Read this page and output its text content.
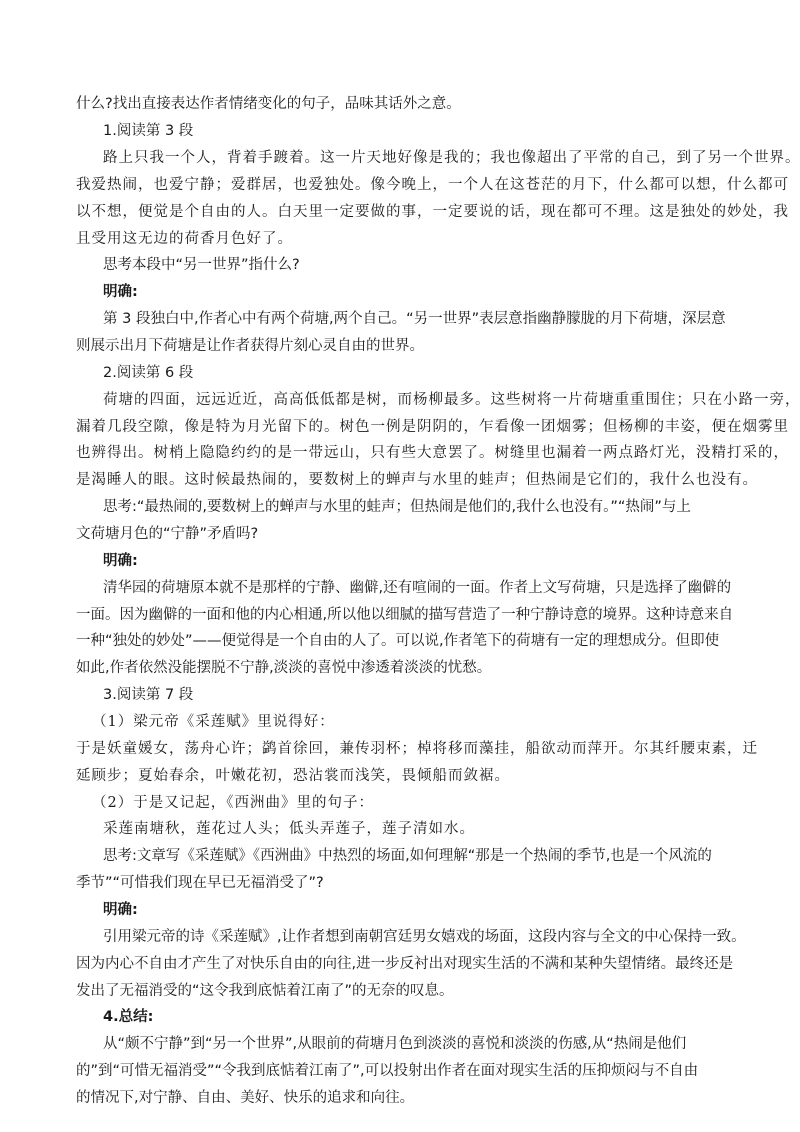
什么?找出直接表达作者情绪变化的句子，品味其话外之意。
1.阅读第 3 段
路上只我一个人，背着手踱着。这一片天地好像是我的；我也像超出了平常的自己，到了另一个世界。
我爱热闹，也爱宁静；爱群居，也爱独处。像今晚上，一个人在这苍茫的月下，什么都可以想，什么都可
以不想，便觉是个自由的人。白天里一定要做的事，一定要说的话，现在都可不理。这是独处的妙处，我
且受用这无边的荷香月色好了。
思考本段中“另一世界”指什么?
明确:
第 3 段独白中,作者心中有两个荷塘,两个自己。“另一世界”表层意指幽静朦胧的月下荷塘，深层意
则展示出月下荷塘是让作者获得片刻心灵自由的世界。
2.阅读第 6 段
荷塘的四面，远远近近，高高低低都是树，而杨柳最多。这些树将一片荷塘重重围住；只在小路一旁，
漏着几段空隙，像是特为月光留下的。树色一例是阴阴的，乍看像一团烟雾；但杨柳的丰姿，便在烟雾里
也辨得出。树梢上隐隐约约的是一带远山，只有些大意罢了。树缝里也漏着一两点路灯光，没精打采的，
是渴睡人的眼。这时候最热闹的，要数树上的蝉声与水里的蛙声；但热闹是它们的，我什么也没有。
思考:“最热闹的,要数树上的蝉声与水里的蛙声；但热闹是他们的,我什么也没有。”“热闹”与上
文荷塘月色的“宁静”矛盾吗?
明确:
清华园的荷塘原本就不是那样的宁静、幽僻,还有喧闹的一面。作者上文写荷塘，只是选择了幽僻的
一面。因为幽僻的一面和他的内心相通,所以他以细腻的描写营造了一种宁静诗意的境界。这种诗意来自
一种“独处的妙处”——便觉得是一个自由的人了。可以说,作者笔下的荷塘有一定的理想成分。但即使
如此,作者依然没能摆脱不宁静,淡淡的喜悦中渗透着淡淡的忧愁。
3.阅读第 7 段
（1）梁元帝《采莲赋》里说得好：
于是妖童媛女，荡舟心许；鹢首徐回，兼传羽杯；棹将移而藻挂，船欲动而萍开。尔其纤腰束素，迁
延顾步；夏始春余，叶嫩花初，恐沾裳而浅笑，畏倾船而敛裾。
（2）于是又记起，《西洲曲》里的句子：
采莲南塘秋，莲花过人头；低头弄莲子，莲子清如水。
思考:文章写《采莲赋》《西洲曲》中热烈的场面,如何理解“那是一个热闹的季节,也是一个风流的
季节”“可惜我们现在早已无福消受了”?
明确:
引用梁元帝的诗《采莲赋》,让作者想到南朝宫廷男女嬉戏的场面，这段内容与全文的中心保持一致。
因为内心不自由才产生了对快乐自由的向往,进一步反衬出对现实生活的不满和某种失望情绪。最终还是
发出了无福消受的“这令我到底惦着江南了”的无奈的叹息。
4.总结:
从“颇不宁静”到“另一个世界”,从眼前的荷塘月色到淡淡的喜悦和淡淡的伤感,从“热闹是他们
的”到“可惜无福消受”“令我到底惦着江南了”,可以投射出作者在面对现实生活的压抑烦闷与不自由
的情况下,对宁静、自由、美好、快乐的追求和向往。
